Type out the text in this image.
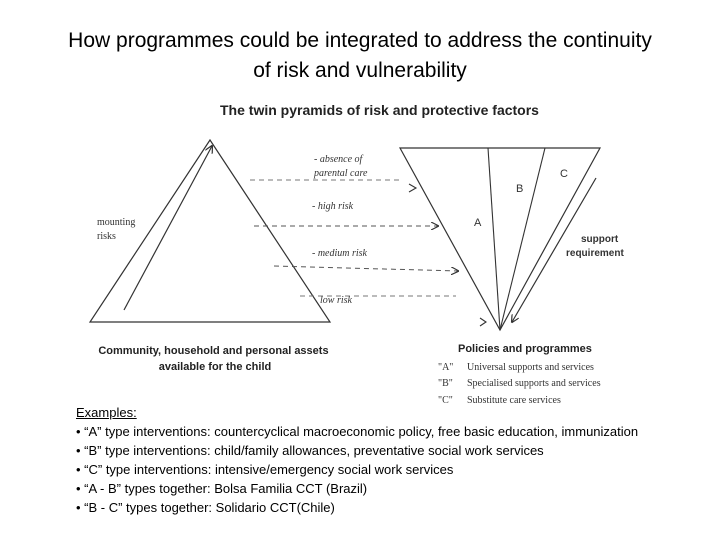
How programmes could be integrated to address the continuity
of risk and vulnerability
The twin pyramids of risk and protective factors
mounting risks
- absence of parental care
- high risk
- medium risk
low risk
A
B
C
support requirement
Community, household and personal assets available for the child
Policies and programmes
"A" Universal supports and services
"B" Specialised supports and services
"C" Substitute care services
Examples:
• “A” type interventions: countercyclical macroeconomic policy, free basic education, immunization
• “B” type interventions: child/family allowances, preventative social work services
• “C” type interventions: intensive/emergency social work services
• “A - B” types together: Bolsa Familia CCT (Brazil)
• “B - C” types together: Solidario CCT(Chile)
